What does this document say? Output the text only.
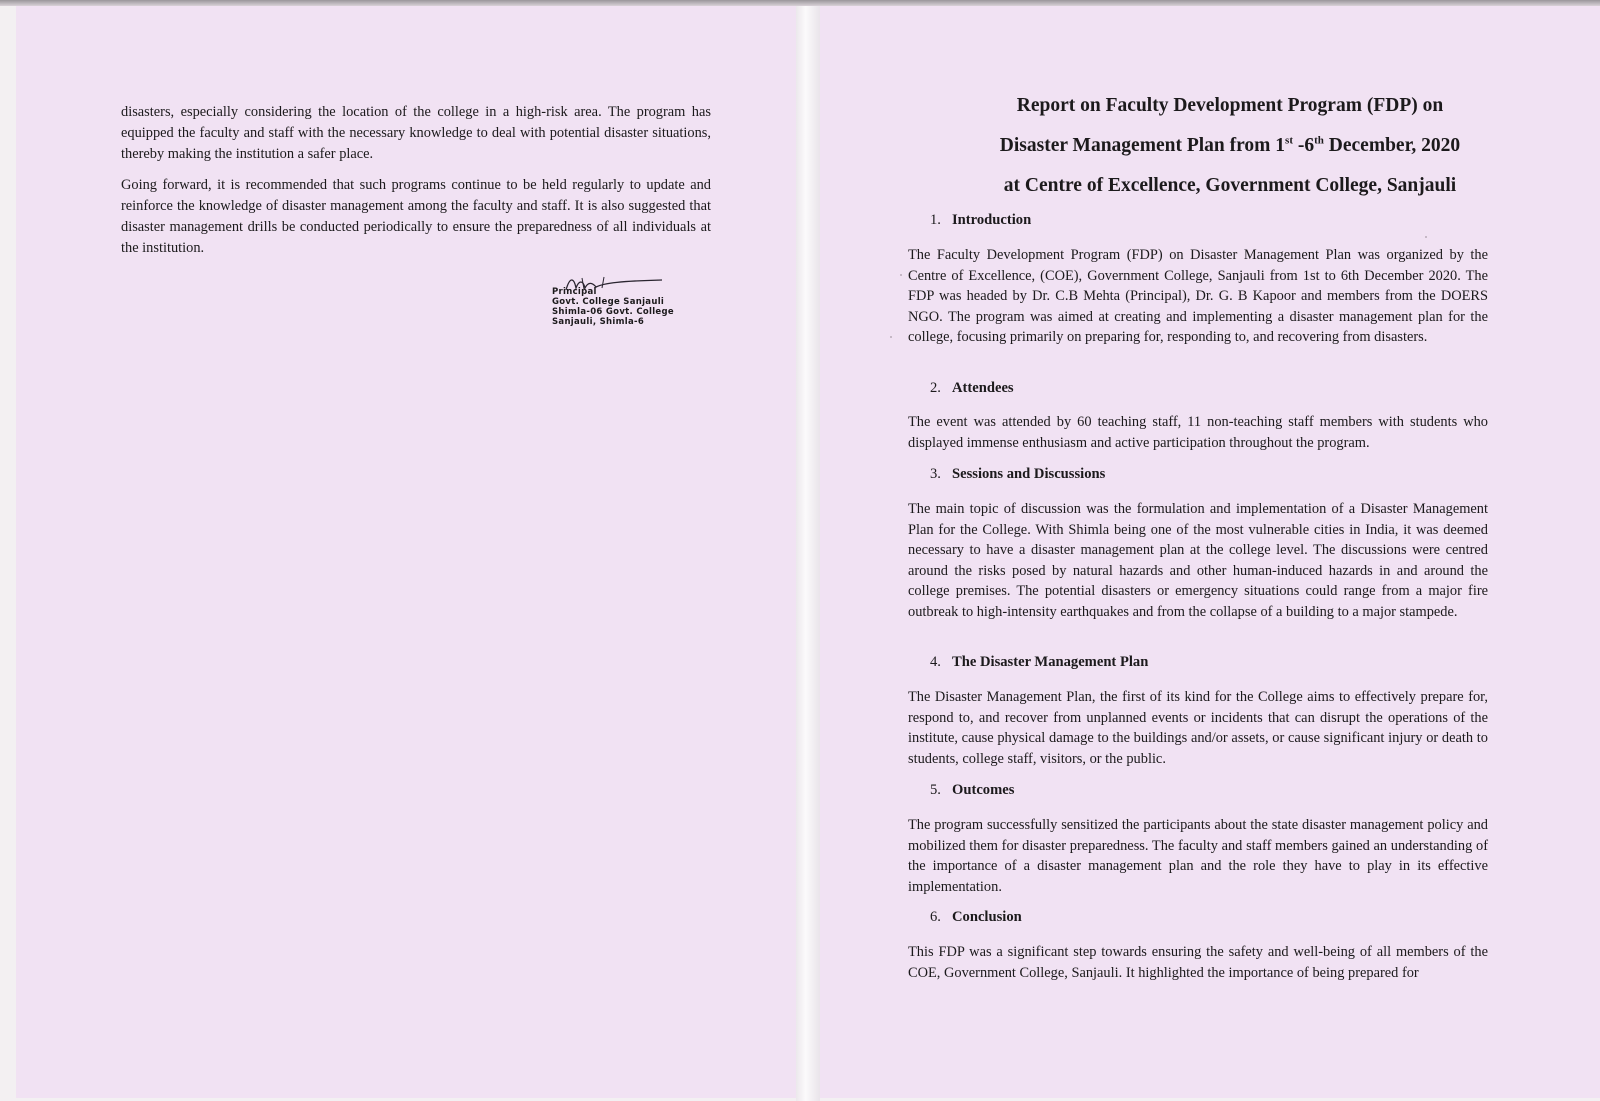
disasters, especially considering the location of the college in a high-risk area. The program has equipped the faculty and staff with the necessary knowledge to deal with potential disaster situations, thereby making the institution a safer place.

Going forward, it is recommended that such programs continue to be held regularly to update and reinforce the knowledge of disaster management among the faculty and staff. It is also suggested that disaster management drills be conducted periodically to ensure the preparedness of all individuals at the institution.

Principal
Govt. College Sanjauli
Shimla-06 Govt. College
Sanjauli, Shimla-6
Report on Faculty Development Program (FDP) on
Disaster Management Plan from 1st -6th December, 2020
at Centre of Excellence, Government College, Sanjauli
1. Introduction
The Faculty Development Program (FDP) on Disaster Management Plan was organized by the Centre of Excellence, (COE), Government College, Sanjauli from 1st to 6th December 2020. The FDP was headed by Dr. C.B Mehta (Principal), Dr. G. B Kapoor and members from the DOERS NGO. The program was aimed at creating and implementing a disaster management plan for the college, focusing primarily on preparing for, responding to, and recovering from disasters.
2. Attendees
The event was attended by 60 teaching staff, 11 non-teaching staff members with students who displayed immense enthusiasm and active participation throughout the program.
3. Sessions and Discussions
The main topic of discussion was the formulation and implementation of a Disaster Management Plan for the College. With Shimla being one of the most vulnerable cities in India, it was deemed necessary to have a disaster management plan at the college level. The discussions were centred around the risks posed by natural hazards and other human-induced hazards in and around the college premises. The potential disasters or emergency situations could range from a major fire outbreak to high-intensity earthquakes and from the collapse of a building to a major stampede.
4. The Disaster Management Plan
The Disaster Management Plan, the first of its kind for the College aims to effectively prepare for, respond to, and recover from unplanned events or incidents that can disrupt the operations of the institute, cause physical damage to the buildings and/or assets, or cause significant injury or death to students, college staff, visitors, or the public.
5. Outcomes
The program successfully sensitized the participants about the state disaster management policy and mobilized them for disaster preparedness. The faculty and staff members gained an understanding of the importance of a disaster management plan and the role they have to play in its effective implementation.
6. Conclusion
This FDP was a significant step towards ensuring the safety and well-being of all members of the COE, Government College, Sanjauli. It highlighted the importance of being prepared for
